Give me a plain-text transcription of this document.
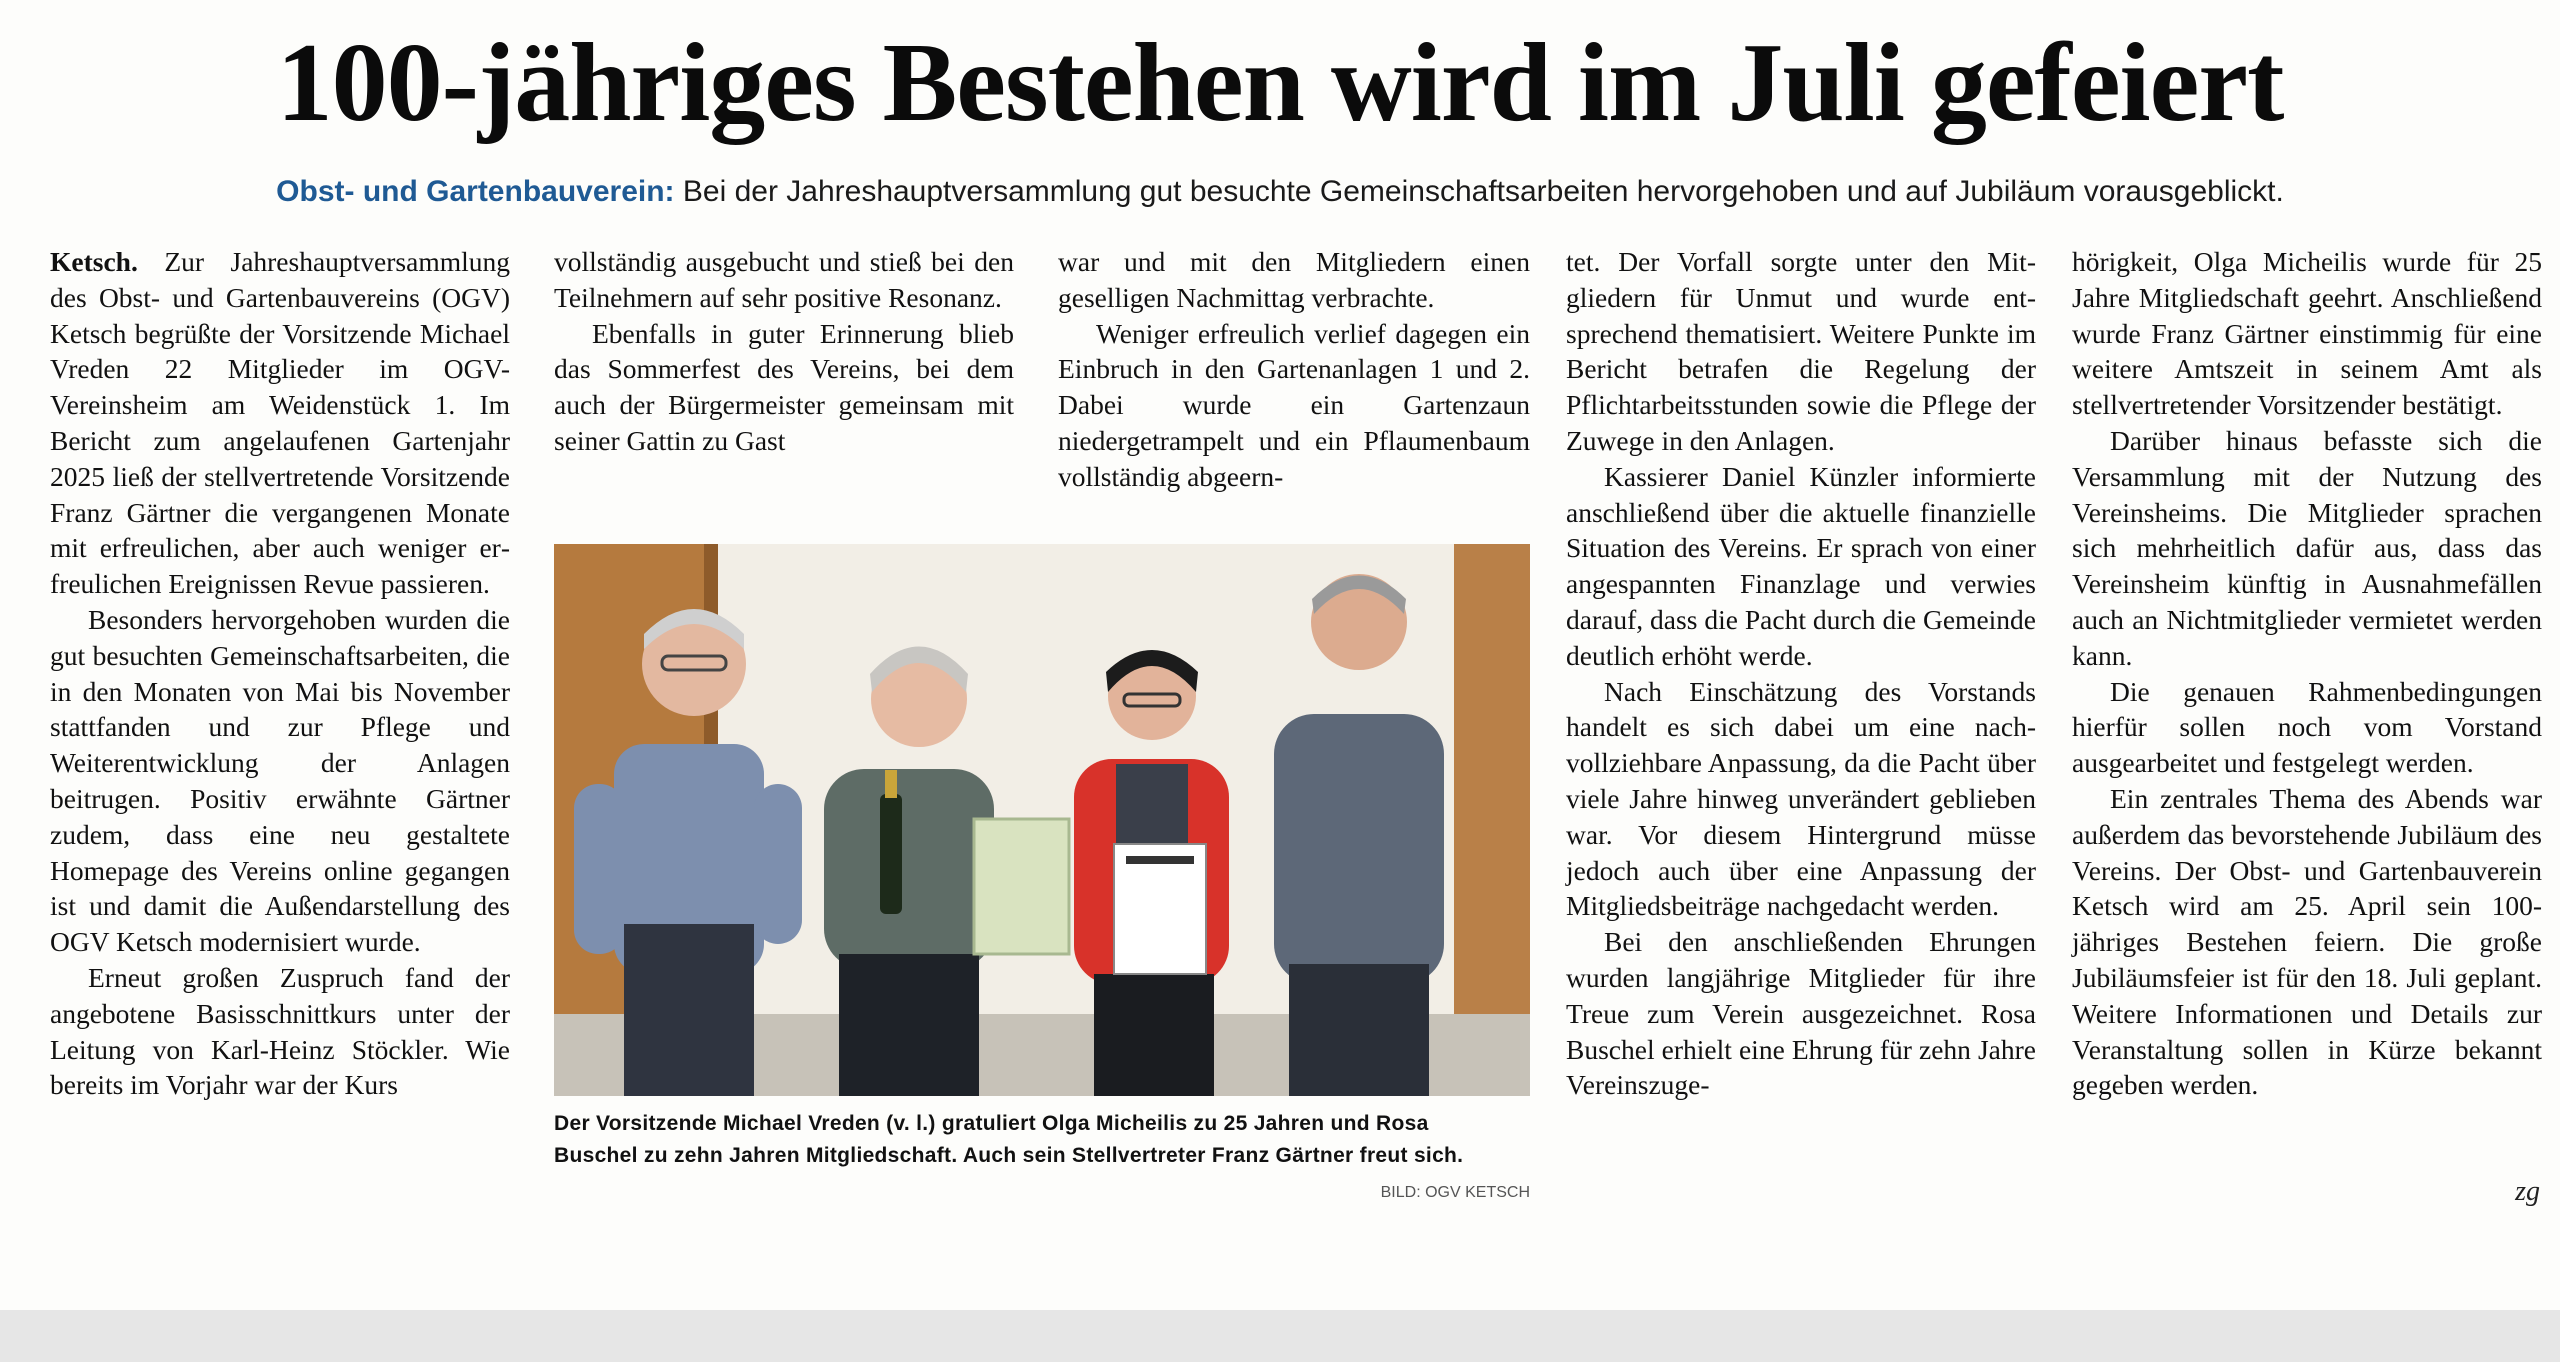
100-jähriges Bestehen wird im Juli gefeiert
Obst- und Gartenbauverein: Bei der Jahreshauptversammlung gut besuchte Gemeinschaftsarbeiten hervorgehoben und auf Jubiläum vorausgeblickt.

Ketsch. Zur Jahreshauptversammlung des Obst- und Gartenbauvereins (OGV) Ketsch begrüßte der Vorsitzende Michael Vreden 22 Mitglieder im OGV-Vereinsheim am Weidenstück 1. Im Bericht zum angelaufenen Gartenjahr 2025 ließ der stellvertretende Vorsitzende Franz Gärtner die vergangenen Monate mit erfreulichen, aber auch weniger erfreulichen Ereignissen Revue passieren.

Besonders hervorgehoben wurden die gut besuchten Gemeinschaftsarbeiten, die in den Monaten von Mai bis November stattfanden und zur Pflege und Weiterentwicklung der Anlagen beitrugen. Positiv erwähnte Gärtner zudem, dass eine neu gestaltete Homepage des Vereins online gegangen ist und damit die Außendarstellung des OGV Ketsch modernisiert wurde.

Erneut großen Zuspruch fand der angebotene Basisschnittkurs unter der Leitung von Karl-Heinz Stöckler. Wie bereits im Vorjahr war der Kurs

vollständig ausgebucht und stieß bei den Teilnehmern auf sehr positive Resonanz.

Ebenfalls in guter Erinnerung blieb das Sommerfest des Vereins, bei dem auch der Bürgermeister gemeinsam mit seiner Gattin zu Gast

war und mit den Mitgliedern einen geselligen Nachmittag verbrachte.

Weniger erfreulich verlief dagegen ein Einbruch in den Gartenanlagen 1 und 2. Dabei wurde ein Gartenzaun niedergetrampelt und ein Pflaumenbaum vollständig abgeern-

Der Vorsitzende Michael Vreden (v. l.) gratuliert Olga Micheilis zu 25 Jahren und Rosa Buschel zu zehn Jahren Mitgliedschaft. Auch sein Stellvertreter Franz Gärtner freut sich.
BILD: OGV KETSCH

tet. Der Vorfall sorgte unter den Mitgliedern für Unmut und wurde entsprechend thematisiert. Weitere Punkte im Bericht betrafen die Regelung der Pflichtarbeitsstunden sowie die Pflege der Zuwege in den Anlagen.

Kassierer Daniel Künzler informierte anschließend über die aktuelle finanzielle Situation des Vereins. Er sprach von einer angespannten Finanzlage und verwies darauf, dass die Pacht durch die Gemeinde deutlich erhöht werde.

Nach Einschätzung des Vorstands handelt es sich dabei um eine nachvollziehbare Anpassung, da die Pacht über viele Jahre hinweg unverändert geblieben war. Vor diesem Hintergrund müsse jedoch auch über eine Anpassung der Mitgliedsbeiträge nachgedacht werden.

Bei den anschließenden Ehrungen wurden langjährige Mitglieder für ihre Treue zum Verein ausgezeichnet. Rosa Buschel erhielt eine Ehrung für zehn Jahre Vereinszuge-

hörigkeit, Olga Micheilis wurde für 25 Jahre Mitgliedschaft geehrt. Anschließend wurde Franz Gärtner einstimmig für eine weitere Amtszeit in seinem Amt als stellvertretender Vorsitzender bestätigt.

Darüber hinaus befasste sich die Versammlung mit der Nutzung des Vereinsheims. Die Mitglieder sprachen sich mehrheitlich dafür aus, dass das Vereinsheim künftig in Ausnahmefällen auch an Nichtmitglieder vermietet werden kann.

Die genauen Rahmenbedingungen hierfür sollen noch vom Vorstand ausgearbeitet und festgelegt werden.

Ein zentrales Thema des Abends war außerdem das bevorstehende Jubiläum des Vereins. Der Obst- und Gartenbauverein Ketsch wird am 25. April sein 100-jähriges Bestehen feiern. Die große Jubiläumsfeier ist für den 18. Juli geplant. Weitere Informationen und Details zur Veranstaltung sollen in Kürze bekannt gegeben werden.

zg
